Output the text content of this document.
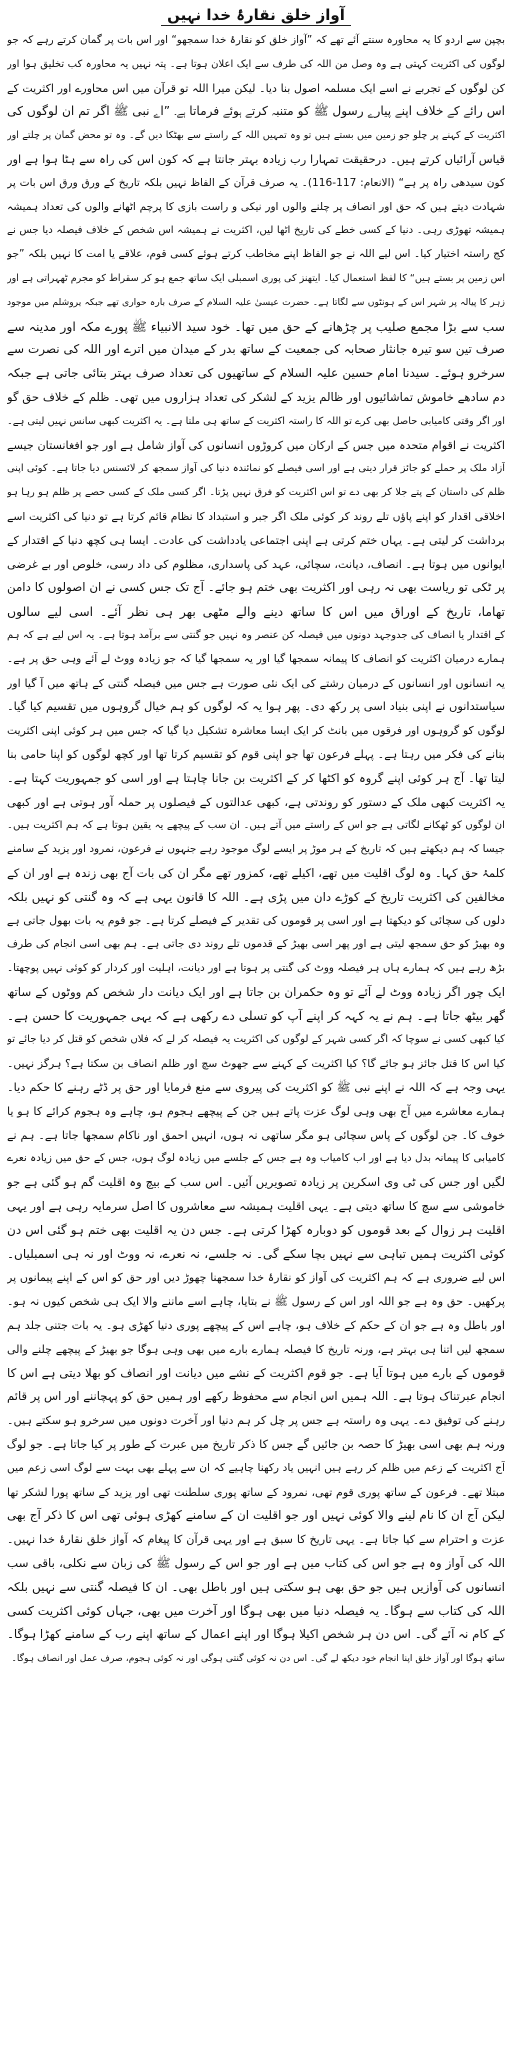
آواز خلق نقارۂ خدا نہیں
بچپن سے اردو کا یہ محاورہ سنتے آئے تھے کہ ”آواز خلق کو نقارۂ خدا سمجھو“ اور اس بات پر گمان کرتے رہے کہ جو
لوگوں کی اکثریت کہتی ہے وہ وصل من اللہ کی طرف سے ایک اعلان ہوتا ہے۔ پتہ نہیں یہ محاورہ کب تخلیق ہوا اور
کن لوگوں کے تجربے نے اسے ایک مسلمہ اصول بنا دیا۔ لیکن میرا اللہ تو قرآن میں اس محاورے اور اکثریت کے
اس رائے کے خلاف اپنے پیارے رسول ﷺ کو متنبہ کرتے ہوئے فرماتا ہے۔ ”اے نبی ﷺ اگر تم ان لوگوں کی
اکثریت کے کہنے پر چلو جو زمین میں بستے ہیں تو وہ تمہیں اللہ کے راستے سے بھٹکا دیں گے۔ وہ تو محض گمان پر چلتے اور
قیاس آرائیاں کرتے ہیں۔ درحقیقت تمہارا رب زیادہ بہتر جانتا ہے کہ کون اس کی راہ سے ہٹا ہوا ہے اور
کون سیدھی راہ پر ہے“ (الانعام: 117-116)۔ یہ صرف قرآن کے الفاظ نہیں بلکہ تاریخ کے ورق ورق اس بات پر
شہادت دیتے ہیں کہ حق اور انصاف پر چلنے والوں اور نیکی و راست بازی کا پرچم اٹھانے والوں کی تعداد ہمیشہ
ہمیشہ تھوڑی رہی۔ دنیا کے کسی خطے کی تاریخ اٹھا لیں، اکثریت نے ہمیشہ اس شخص کے خلاف فیصلہ دیا جس نے
کج راستہ اختیار کیا۔ اس لیے اللہ نے جو الفاظ اپنے مخاطب کرتے ہوئے کسی قوم، علاقے یا امت کا نہیں بلکہ ”جو
اس زمین پر بستے ہیں“ کا لفظ استعمال کیا۔ ایتھنز کی پوری اسمبلی ایک ساتھ جمع ہو کر سقراط کو مجرم ٹھہراتی ہے اور
زہر کا پیالہ پر شہر اس کے ہونٹوں سے لگاتا ہے۔ حضرت عیسیٰ علیہ السلام کے صرف بارہ حواری تھے جبکہ یروشلم میں موجود
سب سے بڑا مجمع صلیب پر چڑھانے کے حق میں تھا۔ خود سید الانبیاء ﷺ پورے مکہ اور مدینہ سے
صرف تین سو تیرہ جانثار صحابہ کی جمعیت کے ساتھ بدر کے میدان میں اترے اور اللہ کی نصرت سے
سرخرو ہوئے۔ سیدنا امام حسین علیہ السلام کے ساتھیوں کی تعداد صرف بہتر بتائی جاتی ہے جبکہ
دم سادھے خاموش تماشائیوں اور ظالم یزید کے لشکر کی تعداد ہزاروں میں تھی۔ ظلم کے خلاف حق گو
اور اگر وقتی کامیابی حاصل بھی کرے تو اللہ کا راستہ اکثریت کے ساتھ ہی ملتا ہے۔ یہ اکثریت کبھی سانس نہیں لیتی ہے۔
اکثریت نے اقوام متحدہ میں جس کے ارکان میں کروڑوں انسانوں کی آواز شامل ہے اور جو افغانستان جیسے
آزاد ملک پر حملے کو جائز قرار دیتی ہے اور اسی فیصلے کو نمائندہ دنیا کی آواز سمجھ کر لائسنس دیا جاتا ہے۔ کوئی اپنی
ظلم کی داستان کے پتے جلا کر بھی دے تو اس اکثریت کو فرق نہیں پڑتا۔ اگر کسی ملک کے کسی حصے پر ظلم ہو رہا ہو
اخلاقی اقدار کو اپنے پاؤں تلے روند کر کوئی ملک اگر جبر و استبداد کا نظام قائم کرتا ہے تو دنیا کی اکثریت اسے
برداشت کر لیتی ہے۔ یہاں ختم کرتی ہے اپنی اجتماعی یادداشت کی عادت۔ ایسا ہی کچھ دنیا کے اقتدار کے
ایوانوں میں ہوتا ہے۔ انصاف، دیانت، سچائی، عہد کی پاسداری، مظلوم کی داد رسی، خلوص اور بے غرضی
پر ٹکی تو ریاست بھی نہ رہی اور اکثریت بھی ختم ہو جائے۔ آج تک جس کسی نے ان اصولوں کا دامن
تھاما، تاریخ کے اوراق میں اس کا ساتھ دینے والے مٹھی بھر ہی نظر آئے۔ اسی لیے سالوں
کے اقتدار یا انصاف کی جدوجہد دونوں میں فیصلہ کن عنصر وہ نہیں جو گنتی سے برآمد ہوتا ہے۔ یہ اس لیے ہے کہ ہم
ہمارے درمیان اکثریت کو انصاف کا پیمانہ سمجھا گیا اور یہ سمجھا گیا کہ جو زیادہ ووٹ لے آئے وہی حق پر ہے۔
یہ انسانوں اور انسانوں کے درمیان رشتے کی ایک نئی صورت ہے جس میں فیصلہ گنتی کے ہاتھ میں آ گیا اور
سیاستدانوں نے اپنی بنیاد اسی پر رکھ دی۔ پھر ہوا یہ کہ لوگوں کو ہم خیال گروہوں میں تقسیم کیا گیا۔
لوگوں کو گروہوں اور فرقوں میں بانٹ کر ایک ایسا معاشرہ تشکیل دیا گیا کہ جس میں ہر کوئی اپنی اکثریت
بنانے کی فکر میں رہتا ہے۔ پہلے فرعون تھا جو اپنی قوم کو تقسیم کرتا تھا اور کچھ لوگوں کو اپنا حامی بنا
لیتا تھا۔ آج ہر کوئی اپنے گروہ کو اکٹھا کر کے اکثریت بن جانا چاہتا ہے اور اسی کو جمہوریت کہتا ہے۔
یہ اکثریت کبھی ملک کے دستور کو روندتی ہے، کبھی عدالتوں کے فیصلوں پر حملہ آور ہوتی ہے اور کبھی
ان لوگوں کو ٹھکانے لگاتی ہے جو اس کے راستے میں آتے ہیں۔ ان سب کے پیچھے یہ یقین ہوتا ہے کہ ہم اکثریت ہیں۔
جیسا کہ ہم دیکھتے ہیں کہ تاریخ کے ہر موڑ پر ایسے لوگ موجود رہے جنہوں نے فرعون، نمرود اور یزید کے سامنے
کلمۂ حق کہا۔ وہ لوگ اقلیت میں تھے، اکیلے تھے، کمزور تھے مگر ان کی بات آج بھی زندہ ہے اور ان کے
مخالفین کی اکثریت تاریخ کے کوڑے دان میں پڑی ہے۔ اللہ کا قانون یہی ہے کہ وہ گنتی کو نہیں بلکہ
دلوں کی سچائی کو دیکھتا ہے اور اسی پر قوموں کی تقدیر کے فیصلے کرتا ہے۔ جو قوم یہ بات بھول جاتی ہے
وہ بھیڑ کو حق سمجھ لیتی ہے اور پھر اسی بھیڑ کے قدموں تلے روند دی جاتی ہے۔ ہم بھی اسی انجام کی طرف
بڑھ رہے ہیں کہ ہمارے ہاں ہر فیصلہ ووٹ کی گنتی پر ہوتا ہے اور دیانت، اہلیت اور کردار کو کوئی نہیں پوچھتا۔
ایک چور اگر زیادہ ووٹ لے آئے تو وہ حکمران بن جاتا ہے اور ایک دیانت دار شخص کم ووٹوں کے ساتھ
گھر بیٹھ جاتا ہے۔ ہم نے یہ کہہ کر اپنے آپ کو تسلی دے رکھی ہے کہ یہی جمہوریت کا حسن ہے۔
کیا کبھی کسی نے سوچا کہ اگر کسی شہر کے لوگوں کی اکثریت یہ فیصلہ کر لے کہ فلاں شخص کو قتل کر دیا جائے تو
کیا اس کا قتل جائز ہو جائے گا؟ کیا اکثریت کے کہنے سے جھوٹ سچ اور ظلم انصاف بن سکتا ہے؟ ہرگز نہیں۔
یہی وجہ ہے کہ اللہ نے اپنے نبی ﷺ کو اکثریت کی پیروی سے منع فرمایا اور حق پر ڈٹے رہنے کا حکم دیا۔
ہمارے معاشرے میں آج بھی وہی لوگ عزت پاتے ہیں جن کے پیچھے ہجوم ہو، چاہے وہ ہجوم کرائے کا ہو یا
خوف کا۔ جن لوگوں کے پاس سچائی ہو مگر ساتھی نہ ہوں، انہیں احمق اور ناکام سمجھا جاتا ہے۔ ہم نے
کامیابی کا پیمانہ بدل دیا ہے اور اب کامیاب وہ ہے جس کے جلسے میں زیادہ لوگ ہوں، جس کے حق میں زیادہ نعرے
لگیں اور جس کی ٹی وی اسکرین پر زیادہ تصویریں آئیں۔ اس سب کے بیچ وہ اقلیت گم ہو گئی ہے جو
خاموشی سے سچ کا ساتھ دیتی ہے۔ یہی اقلیت ہمیشہ سے معاشروں کا اصل سرمایہ رہی ہے اور یہی
اقلیت ہر زوال کے بعد قوموں کو دوبارہ کھڑا کرتی ہے۔ جس دن یہ اقلیت بھی ختم ہو گئی اس دن
کوئی اکثریت ہمیں تباہی سے نہیں بچا سکے گی۔ نہ جلسے، نہ نعرے، نہ ووٹ اور نہ ہی اسمبلیاں۔
اس لیے ضروری ہے کہ ہم اکثریت کی آواز کو نقارۂ خدا سمجھنا چھوڑ دیں اور حق کو اس کے اپنے پیمانوں پر
پرکھیں۔ حق وہ ہے جو اللہ اور اس کے رسول ﷺ نے بتایا، چاہے اسے ماننے والا ایک ہی شخص کیوں نہ ہو۔
اور باطل وہ ہے جو ان کے حکم کے خلاف ہو، چاہے اس کے پیچھے پوری دنیا کھڑی ہو۔ یہ بات جتنی جلد ہم
سمجھ لیں اتنا ہی بہتر ہے، ورنہ تاریخ کا فیصلہ ہمارے بارے میں بھی وہی ہوگا جو بھیڑ کے پیچھے چلنے والی
قوموں کے بارے میں ہوتا آیا ہے۔ جو قوم اکثریت کے نشے میں دیانت اور انصاف کو بھلا دیتی ہے اس کا
انجام عبرتناک ہوتا ہے۔ اللہ ہمیں اس انجام سے محفوظ رکھے اور ہمیں حق کو پہچاننے اور اس پر قائم
رہنے کی توفیق دے۔ یہی وہ راستہ ہے جس پر چل کر ہم دنیا اور آخرت دونوں میں سرخرو ہو سکتے ہیں۔
ورنہ ہم بھی اسی بھیڑ کا حصہ بن جائیں گے جس کا ذکر تاریخ میں عبرت کے طور پر کیا جاتا ہے۔ جو لوگ
آج اکثریت کے زعم میں ظلم کر رہے ہیں انہیں یاد رکھنا چاہیے کہ ان سے پہلے بھی بہت سے لوگ اسی زعم میں
مبتلا تھے۔ فرعون کے ساتھ پوری قوم تھی، نمرود کے ساتھ پوری سلطنت تھی اور یزید کے ساتھ پورا لشکر تھا
لیکن آج ان کا نام لینے والا کوئی نہیں اور جو اقلیت ان کے سامنے کھڑی ہوئی تھی اس کا ذکر آج بھی
عزت و احترام سے کیا جاتا ہے۔ یہی تاریخ کا سبق ہے اور یہی قرآن کا پیغام کہ آواز خلق نقارۂ خدا نہیں۔
اللہ کی آواز وہ ہے جو اس کی کتاب میں ہے اور جو اس کے رسول ﷺ کی زبان سے نکلی، باقی سب
انسانوں کی آوازیں ہیں جو حق بھی ہو سکتی ہیں اور باطل بھی۔ ان کا فیصلہ گنتی سے نہیں بلکہ
اللہ کی کتاب سے ہوگا۔ یہ فیصلہ دنیا میں بھی ہوگا اور آخرت میں بھی، جہاں کوئی اکثریت کسی
کے کام نہ آئے گی۔ اس دن ہر شخص اکیلا ہوگا اور اپنے اعمال کے ساتھ اپنے رب کے سامنے کھڑا ہوگا۔
ساتھ ہوگا اور آواز خلق اپنا انجام خود دیکھ لے گی۔ اس دن نہ کوئی گنتی ہوگی اور نہ کوئی ہجوم، صرف عمل اور انصاف ہوگا۔
